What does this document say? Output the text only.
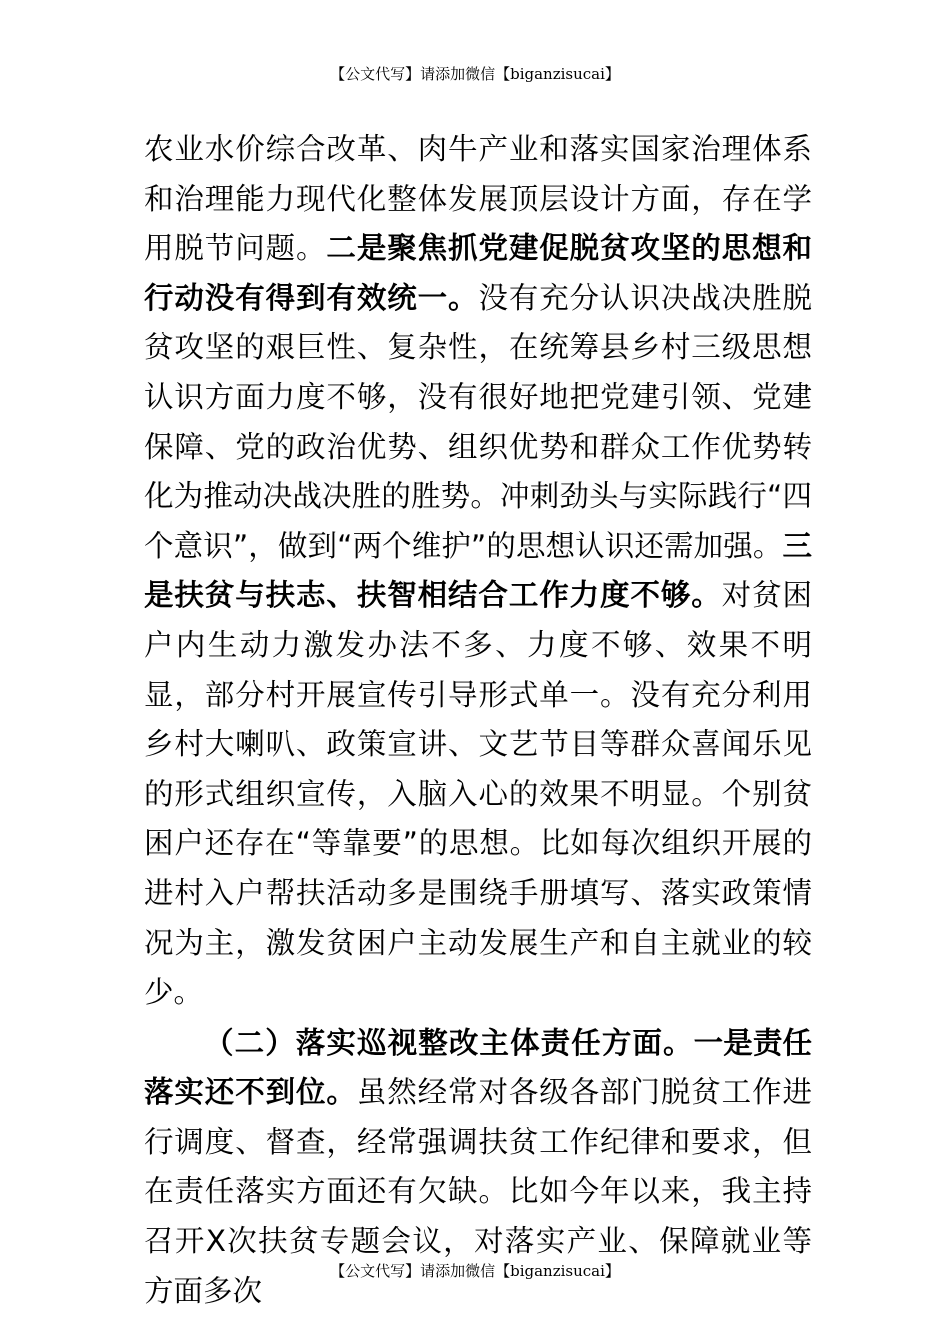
【公文代写】请添加微信【biganzisucai】

农业水价综合改革、肉牛产业和落实国家治理体系和治理能力现代化整体发展顶层设计方面，存在学用脱节问题。二是聚焦抓党建促脱贫攻坚的思想和行动没有得到有效统一。没有充分认识决战决胜脱贫攻坚的艰巨性、复杂性，在统筹县乡村三级思想认识方面力度不够，没有很好地把党建引领、党建保障、党的政治优势、组织优势和群众工作优势转化为推动决战决胜的胜势。冲刺劲头与实际践行“四个意识”，做到“两个维护”的思想认识还需加强。三是扶贫与扶志、扶智相结合工作力度不够。对贫困户内生动力激发办法不多、力度不够、效果不明显，部分村开展宣传引导形式单一。没有充分利用乡村大喇叭、政策宣讲、文艺节目等群众喜闻乐见的形式组织宣传，入脑入心的效果不明显。个别贫困户还存在“等靠要”的思想。比如每次组织开展的进村入户帮扶活动多是围绕手册填写、落实政策情况为主，激发贫困户主动发展生产和自主就业的较少。

（二）落实巡视整改主体责任方面。一是责任落实还不到位。虽然经常对各级各部门脱贫工作进行调度、督查，经常强调扶贫工作纪律和要求，但在责任落实方面还有欠缺。比如今年以来，我主持召开X次扶贫专题会议，对落实产业、保障就业等方面多次

【公文代写】请添加微信【biganzisucai】
